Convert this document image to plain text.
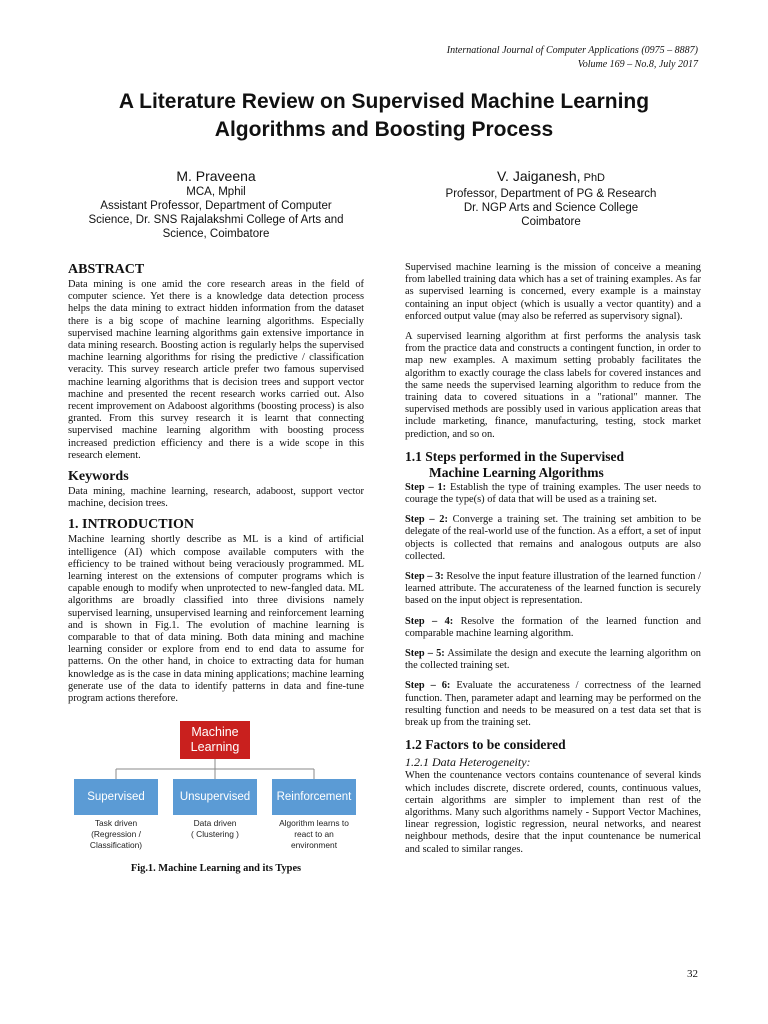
International Journal of Computer Applications (0975 – 8887)
Volume 169 – No.8, July 2017
A Literature Review on Supervised Machine Learning
Algorithms and Boosting Process
M. Praveena
MCA, Mphil
Assistant Professor, Department of Computer
Science, Dr. SNS Rajalakshmi College of Arts and
Science, Coimbatore
V. Jaiganesh, PhD
Professor, Department of PG & Research
Dr. NGP Arts and Science College
Coimbatore
ABSTRACT

Data mining is one amid the core research areas in the field of computer science. Yet there is a knowledge data detection process helps the data mining to extract hidden information from the dataset there is a big scope of machine learning algorithms. Especially supervised machine learning algorithms gain extensive importance in data mining research. Boosting action is regularly helps the supervised machine learning algorithms for rising the predictive / classification veracity. This survey research article prefer two famous supervised machine learning algorithms that is decision trees and support vector machine and presented the recent research works carried out. Also recent improvement on Adaboost algorithms (boosting process) is also granted. From this survey research it is learnt that connecting supervised machine learning algorithm with boosting process increased prediction efficiency and there is a wide scope in this research element.

Keywords

Data mining, machine learning, research, adaboost, support vector machine, decision trees.

1. INTRODUCTION

Machine learning shortly describe as ML is a kind of artificial intelligence (AI) which compose available computers with the efficiency to be trained without being veraciously programmed. ML learning interest on the extensions of computer programs which is capable enough to modify when unprotected to new-fangled data. ML algorithms are broadly classified into three divisions namely supervised learning, unsupervised learning and reinforcement learning and is shown in Fig.1. The evolution of machine learning is comparable to that of data mining. Both data mining and machine learning consider or explore from end to end data to assume for patterns. On the other hand, in choice to extracting data for human knowledge as is the case in data mining applications; machine learning generate use of the data to identify patterns in data and fine-tune program actions therefore.

Machine
Learning
Supervised	Unsupervised	Reinforcement
Task driven
(Regression /
Classification)
Data driven
( Clustering )
Algorithm learns to
react to an
environment
Fig.1. Machine Learning and its Types

Supervised machine learning is the mission of conceive a meaning from labelled training data which has a set of training examples. As far as supervised learning is concerned, every example is a mainstay containing an input object (which is usually a vector quantity) and a enforced output value (may also be referred as supervisory signal).

A supervised learning algorithm at first performs the analysis task from the practice data and constructs a contingent function, in order to map new examples. A maximum setting probably facilitates the algorithm to exactly courage the class labels for covered instances and the same needs the supervised learning algorithm to reduce from the training data to covered situations in a "rational" manner. The supervised methods are possibly used in various application areas that include marketing, finance, manufacturing, testing, stock market prediction, and so on.

1.1 Steps performed in the Supervised
Machine Learning Algorithms

Step – 1: Establish the type of training examples. The user needs to courage the type(s) of data that will be used as a training set.

Step – 2: Converge a training set. The training set ambition to be delegate of the real-world use of the function. As a effort, a set of input objects is collected that remains and analogous outputs are also collected.

Step – 3: Resolve the input feature illustration of the learned function / learned attribute. The accurateness of the learned function is securely based on the input object is representation.

Step – 4: Resolve the formation of the learned function and comparable machine learning algorithm.

Step – 5: Assimilate the design and execute the learning algorithm on the collected training set.

Step – 6: Evaluate the accurateness / correctness of the learned function. Then, parameter adapt and learning may be performed on the resulting function and needs to be measured on a test data set that is break up from the training set.

1.2 Factors to be considered
1.2.1 Data Heterogeneity:

When the countenance vectors contains countenance of several kinds which includes discrete, discrete ordered, counts, continuous values, certain algorithms are simpler to implement than rest of the algorithms. Many such algorithms namely - Support Vector Machines, linear regression, logistic regression, neural networks, and nearest neighbour methods, desire that the input countenance be numerical and scaled to similar ranges.

32
